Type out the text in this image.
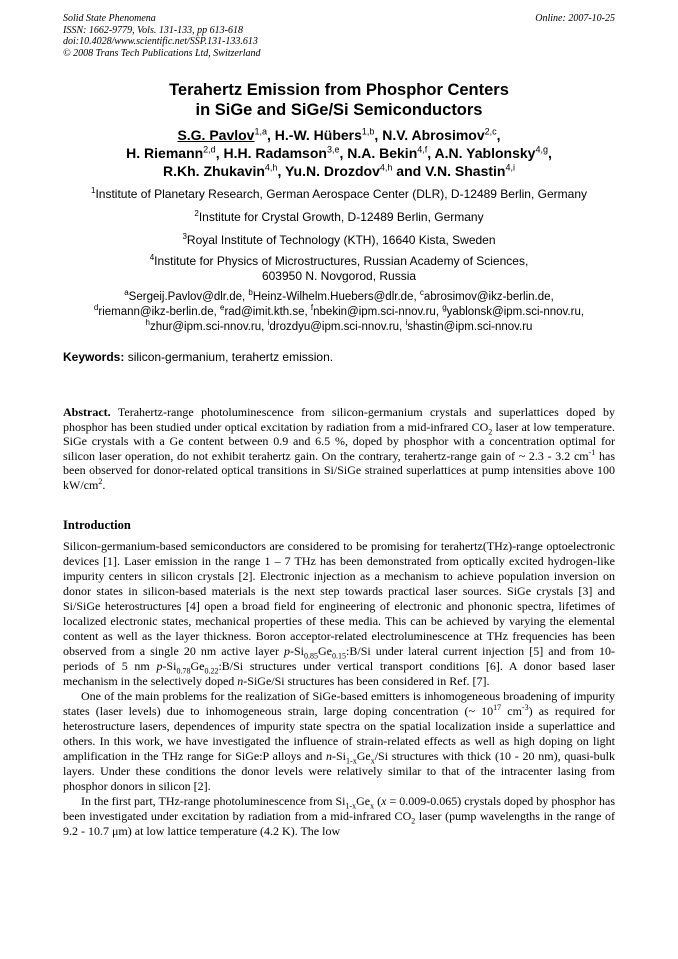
Solid State Phenomena
ISSN: 1662-9779, Vols. 131-133, pp 613-618
doi:10.4028/www.scientific.net/SSP.131-133.613
© 2008 Trans Tech Publications Ltd, Switzerland
Online: 2007-10-25
Terahertz Emission from Phosphor Centers
in SiGe and SiGe/Si Semiconductors
S.G. Pavlov$^{1,a}$, H.-W. Hübers$^{1,b}$, N.V. Abrosimov$^{2,c}$,
H. Riemann$^{2,d}$, H.H. Radamson$^{3,e}$, N.A. Bekin$^{4,f}$, A.N. Yablonsky$^{4,g}$,
R.Kh. Zhukavin$^{4,h}$, Yu.N. Drozdov$^{4,h}$ and V.N. Shastin$^{4,i}$
$^1$Institute of Planetary Research, German Aerospace Center (DLR), D-12489 Berlin, Germany
$^2$Institute for Crystal Growth, D-12489 Berlin, Germany
$^3$Royal Institute of Technology (KTH), 16640 Kista, Sweden
$^4$Institute for Physics of Microstructures, Russian Academy of Sciences,
603950 N. Novgorod, Russia
$^a$Sergeij.Pavlov@dlr.de, $^b$Heinz-Wilhelm.Huebers@dlr.de, $^c$abrosimov@ikz-berlin.de,
$^d$riemann@ikz-berlin.de, $^e$rad@imit.kth.se, $^f$nbekin@ipm.sci-nnov.ru, $^g$yablonsk@ipm.sci-nnov.ru,
$^h$zhur@ipm.sci-nnov.ru, $^i$drozdyu@ipm.sci-nnov.ru, $^i$shastin@ipm.sci-nnov.ru
Keywords: silicon-germanium, terahertz emission.
Abstract. Terahertz-range photoluminescence from silicon-germanium crystals and superlattices doped by phosphor has been studied under optical excitation by radiation from a mid-infrared $CO_2$ laser at low temperature. SiGe crystals with a Ge content between 0.9 and 6.5 %, doped by phosphor with a concentration optimal for silicon laser operation, do not exhibit terahertz gain. On the contrary, terahertz-range gain of ~ 2.3 - 3.2 $cm^{-1}$ has been observed for donor-related optical transitions in Si/SiGe strained superlattices at pump intensities above 100 $kW/cm^2$.
Introduction

Silicon-germanium-based semiconductors are considered to be promising for terahertz(THz)-range optoelectronic devices [1]. Laser emission in the range 1 – 7 THz has been demonstrated from optically excited hydrogen-like impurity centers in silicon crystals [2]. Electronic injection as a mechanism to achieve population inversion on donor states in silicon-based materials is the next step towards practical laser sources. SiGe crystals [3] and Si/SiGe heterostructures [4] open a broad field for engineering of electronic and phononic spectra, lifetimes of localized electronic states, mechanical properties of these media. This can be achieved by varying the elemental content as well as the layer thickness. Boron acceptor-related electroluminescence at THz frequencies has been observed from a single 20 nm active layer $p-Si_{0.85}Ge_{0.15}:B/Si$ under lateral current injection [5] and from 10-periods of 5 nm $p-Si_{0.78}Ge_{0.22}:B/Si$ structures under vertical transport conditions [6]. A donor based laser mechanism in the selectively doped n-SiGe/Si structures has been considered in Ref. [7].

One of the main problems for the realization of SiGe-based emitters is inhomogeneous broadening of impurity states (laser levels) due to inhomogeneous strain, large doping concentration (~ $10^{17}$ $cm^{-3}$) as required for heterostructure lasers, dependences of impurity state spectra on the spatial localization inside a superlattice and others. In this work, we have investigated the influence of strain-related effects as well as high doping on light amplification in the THz range for SiGe:P alloys and $n-Si_{1-x}Ge_x/Si$ structures with thick (10 - 20 nm), quasi-bulk layers. Under these conditions the donor levels were relatively similar to that of the intracenter lasing from phosphor donors in silicon [2].

In the first part, THz-range photoluminescence from $Si_{1-x}Ge_x$ (x = 0.009-0.065) crystals doped by phosphor has been investigated under excitation by radiation from a mid-infrared $CO_2$ laser (pump wavelengths in the range of 9.2 - 10.7 μm) at low lattice temperature (4.2 K). The low
